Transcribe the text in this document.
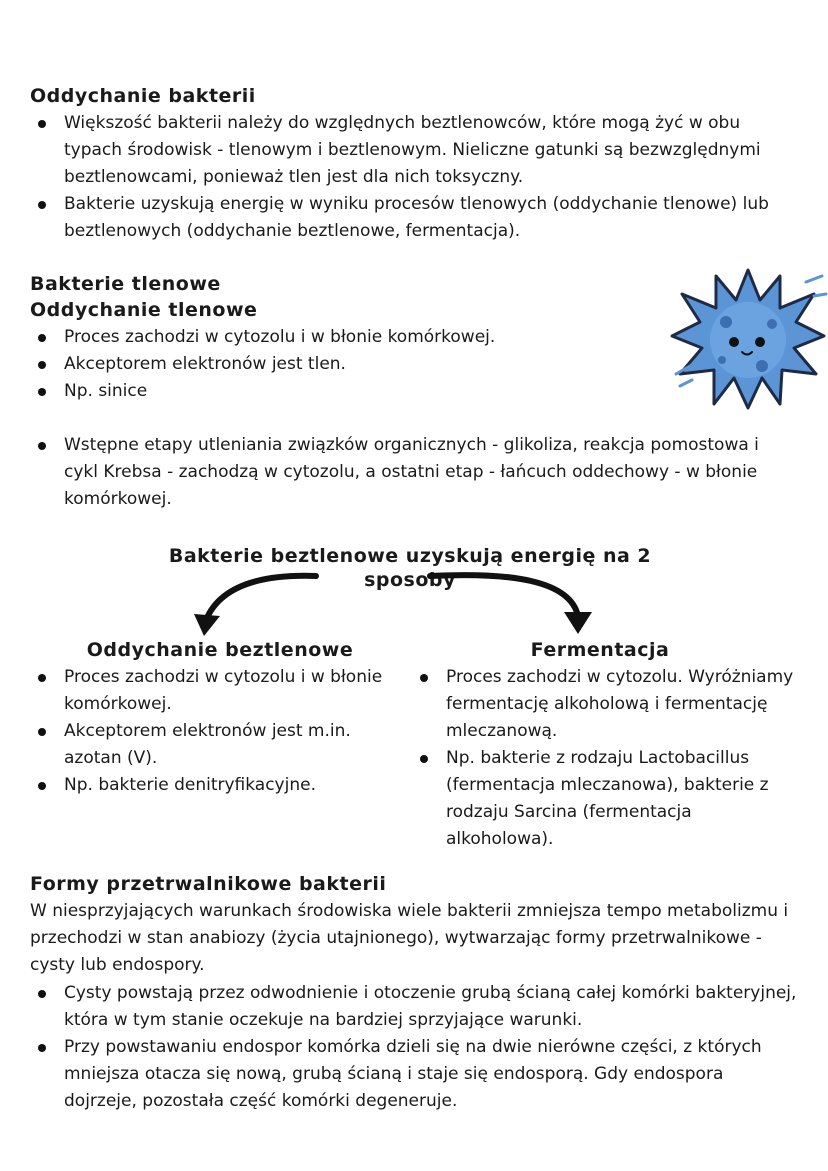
Oddychanie bakterii
Większość bakterii należy do względnych beztlenowców, które mogą żyć w obu typach środowisk - tlenowym i beztlenowym. Nieliczne gatunki są bezwzględnymi beztlenowcami, ponieważ tlen jest dla nich toksyczny.
Bakterie uzyskują energię w wyniku procesów tlenowych (oddychanie tlenowe) lub beztlenowych (oddychanie beztlenowe, fermentacja).
Bakterie tlenowe
Oddychanie tlenowe
Proces zachodzi w cytozolu i w błonie komórkowej.
Akceptorem elektronów jest tlen.
Np. sinice
Wstępne etapy utleniania związków organicznych - glikoliza, reakcja pomostowa i cykl Krebsa - zachodzą w cytozolu, a ostatni etap - łańcuch oddechowy - w błonie komórkowej.
Bakterie beztlenowe uzyskują energię na 2 sposoby
Oddychanie beztlenowe
Proces zachodzi w cytozolu i w błonie komórkowej.
Akceptorem elektronów jest m.in. azotan (V).
Np. bakterie denitryfikacyjne.
Fermentacja
Proces zachodzi w cytozolu. Wyróżniamy fermentację alkoholową i fermentację mleczanową.
Np. bakterie z rodzaju Lactobacillus (fermentacja mleczanowa), bakterie z rodzaju Sarcina (fermentacja alkoholowa).
Formy przetrwalnikowe bakterii
W niesprzyjających warunkach środowiska wiele bakterii zmniejsza tempo metabolizmu i przechodzi w stan anabiozy (życia utajnionego), wytwarzając formy przetrwalnikowe - cysty lub endospory.
Cysty powstają przez odwodnienie i otoczenie grubą ścianą całej komórki bakteryjnej, która w tym stanie oczekuje na bardziej sprzyjające warunki.
Przy powstawaniu endospor komórka dzieli się na dwie nierówne części, z których mniejsza otacza się nową, grubą ścianą i staje się endosporą. Gdy endospora dojrzeje, pozostała część komórki degeneruje.
